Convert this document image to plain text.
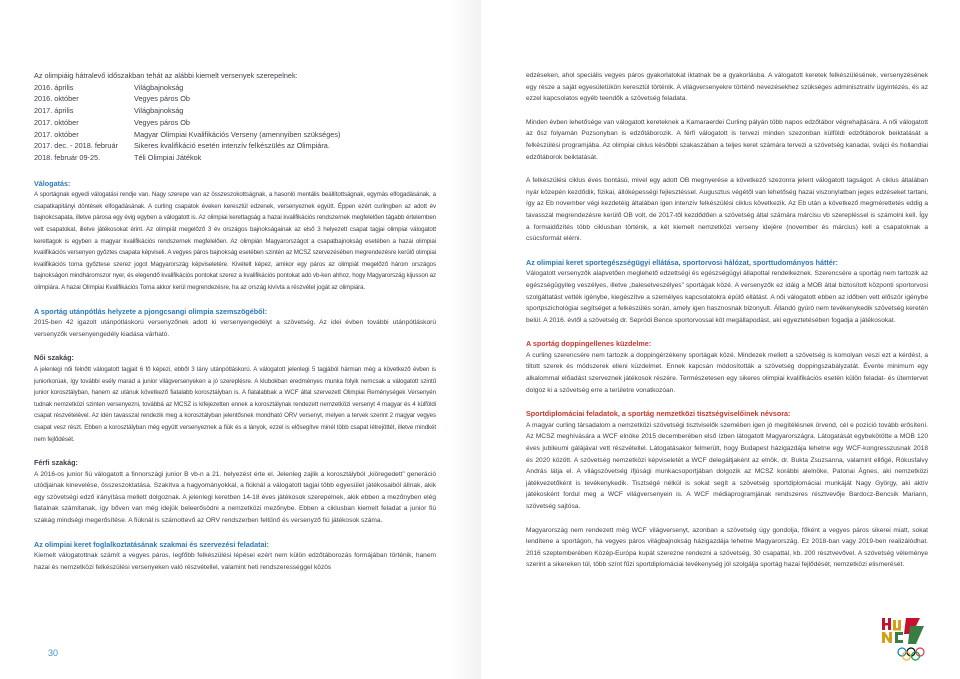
Az olimpiáig hátralevő időszakban tehát az alábbi kiemelt versenyek szerepelnek:
2016. április	Világbajnokság
2016. október	Vegyes páros Ob
2017. április	Világbajnokság
2017. október	Vegyes páros Ob
2017. október	Magyar Olimpiai Kvalifikációs Verseny (amennyiben szükséges)
2017. dec. - 2018. február	Sikeres kvalifikáció esetén intenzív felkészülés az Olimpiára.
2018. február 09-25.	Téli Olimpiai Játékok

Válogatás:

A sportágnak egyedi válogatási rendje van. Nagy szerepe van az összeszokottságnak, a hasonló mentális beállítottságnak, egymás elfogadásának, a csapatkapitányi döntések elfogadásának. A curling csapatok éveken keresztül edzenek, versenyeznek együtt. Éppen ezért curlingben az adott év bajnokcsapata, illetve párosa egy évig egyben a válogatott is. Az olimpiai kerettagság a hazai kvalifikációs rendszernek megfelelően tágabb értelemben vett csapatokat, illetve játékosokat érint. Az olimpiát megelőző 3 év országos bajnokságainak az első 3 helyezett csapat tagjai olimpiai válogatott kerettagok is egyben a magyar kvalifikációs rendszernek megfelelően. Az olimpián Magyarországot a csapatbajnokság esetében a hazai olimpiai kvalifikációs versenyen győztes csapata képviseli. A vegyes páros bajnokság esetében szintén az MCSZ szervezésében megrendezésre kerülő olimpiai kvalifikációs torna győztese szerez jogot Magyarország képviseletére. Kivételt képez, amikor egy páros az olimpiát megelőző három országos bajnokságon mindháromszor nyer, és elegendő kvalifikációs pontokat szerez a kvalifikációs pontokat adó vb-ken ahhoz, hogy Magyarország kijusson az olimpiára. A hazai Olimpiai Kvalifikációs Torna akkor kerül megrendezésre, ha az ország kivívta a részvétel jogát az olimpiára.

A sportág utánpótlás helyzete a pjongcsangi olimpia szemszögéből:

2015-ben 42 igazolt utánpótláskorú versenyzőnek adott ki versenyengedélyt a szövetség. Az idei évben további utánpótláskorú versenyzők versenyengedély kiadása várható.

Női szakág:

A jelenlegi női felnőtt válogatott tagjait 6 fő képezi, ebből 3 lány utánpótláskorú. A válogatott jelenlegi 5 tagjából hárman még a következő évben is juniorkorúak, így további esély marad a junior világversenyeken a jó szereplésre. A klubokban eredményes munka folyik nemcsak a válogatott szintű junior korosztályban, hanem az utánuk következő fiatalabb korosztályban is. A fiatalabbak a WCF által szervezett Olimpiai Reménységek Versenyén tudnak nemzetközi szinten versenyezni, továbbá az MCSZ is kifejezetten ennek a korosztálynak rendezett nemzetközi versenyt 4 magyar és 4 külföldi csapat részvételével. Az idén tavasszal rendezik meg a korosztályban jelentősnek mondható ORV versenyt, melyen a tervek szerint 2 magyar vegyes csapat vesz részt. Ebben a korosztályban még együtt versenyeznek a fiúk és a lányok, ezzel is elősegítve minél több csapat létrejöttét, illetve mindkét nem fejlődését.

Férfi szakág:

A 2016-os junior fiú válogatott a finnországi junior B vb-n a 21. helyezést érte el. Jelenleg zajlik a korosztályból „kiöregedett” generáció utódjainak kinevelése, összeszoktatása. Szakítva a hagyományokkal, a fiúknál a válogatott tagjai több egyesület játékosaiból állnak, akik egy szövetségi edző irányítása mellett dolgoznak. A jelenlegi keretben 14-18 éves játékosok szerepelnek, akik ebben a mezőnyben elég fiatalnak számítanak, így bőven van még idejük beleerősödni a nemzetközi mezőnybe. Ebben a ciklusban kiemelt feladat a junior fiú szakág mindségi megerősítése. A fiúknál is számottevő az ORV rendszerben feltűnő és versenyző fiú játékosok száma.

Az olimpiai keret foglalkoztatásának szakmai és szervezési feladatai:

Kiemelt válogatottnak számít a vegyes páros, legfőbb felkészülési lépései ezért nem külön edzőtáborozás formájában történik, hanem hazai és nemzetközi felkészülési versenyeken való részvétellel, valamint heti rendszerességgel közös

30

edzéseken, ahol speciális vegyes páros gyakorlatokat iktatnak be a gyakorlásba. A válogatott keretek felkészülésének, versenyzésének egy része a saját egyesületükön keresztül történik. A világversenyekre történő nevezésekhez szükséges adminisztratív ügyintézés, és az ezzel kapcsolatos egyéb teendők a szövetség feladata.

Minden évben lehetősége van válogatott kereteknek a Kamaraerdei Curling pályán több napos edzőtábor végrehajtására. A női válogatott az ősz folyamán Pozsonyban is edzőtáborozik. A férfi válogatott is tervezi minden szezonban külföldi edzőtáborok beiktatását a felkészülési programjába. Az olimpiai ciklus későbbi szakaszában a teljes keret számára tervezi a szövetség kanadai, svájci és hollandiai edzőtáborok beiktatását.

A felkészülési ciklus éves bontású, mivel egy adott OB megnyerése a következő szezonra jelent válogatott tagságot. A ciklus általában nyár közepén kezdődik, fizikai, állóképességi fejlesztéssel. Augusztus végétől van lehetőség hazai viszonylatban jeges edzéseket tartani, így az Eb november végi kezdetéig általában igen intenzív felkészülési ciklus következik. Az Eb után a következő megmérettetés eddig a tavasszal megrendezésre kerülő OB volt, de 2017-től kezdődően a szövetség által számára márcisu vb szerepléssel is számolni kell. Így a formaidőzítés több ciklusban történik, a két kiemelt nemzetközi verseny idejére (november és március) kell a csapatoknak a csúcsformát elérni.

Az olimpiai keret sportegészségügyi ellátása, sportorvosi hálózat, sporttudományos háttér:

Válogatott versenyzők alapvetően meglehető edzettségi és egészségügyi állapottal rendelkeznek. Szerencsére a sportág nem tartozik az egészségügyileg veszélyes, illetve „balesetveszélyes” sportágak közé. A versenyzők ez idáig a MOB által biztosított központi sportorvosi szolgáltatást vették igénybe, kiegészítve a személyes kapcsolatokra épülő ellátást. A női válogatott ebben az időben vett először igénybe sportpszichológiai segítséget a felkészülés során, amely igen hasznosnak bizonyult. Állandó gyúró nem tevékenykedik szövetség keretén belül. A 2016. évtől a szövetség dr. Sepródi Bence sportorvossal köt megállapodást, aki egyeztetésében fogadja a játékosokat.

A sportág doppingellenes küzdelme:

A curling szerencsére nem tartozik a doppingérzékeny sportágak közé. Mindezek mellett a szövetség is komolyan veszi ezt a kérdést, a tiltott szerek és módszerek elleni küzdelmet. Ennek kapcsán módosították a szövetség doppingszabályzatát. Évente minimum egy alkalommal előadást szerveznek játékosok részére. Természetesen egy sikeres olimpiai kvalifikációs esetén külön feladat- és ütemtervet dolgoz ki a szövetség erre a területre vonatkozóan.

Sportdiplomáciai feladatok, a sportág nemzetközi tisztségviselőinek névsora:

A magyar curling társadalom a nemzetközi szövetségi tisztviselők szemében igen jó megítélésnek örvend, cél e pozíció tovább erősítení. Az MCSZ meghívására a WCF elnöke 2015 decemberében első ízben látogatott Magyarországra. Látogatását egybekötötte a MOB 120 éves jubileumi gálájával vett részvétellel. Látogatásakor felmerült, hogy Budapest házigazdája lehetne egy WCF-kongresszusnak 2018 és 2020 között. A szövetség nemzetközi képviseletét a WCF delegáltjaként az elnök, dr. Bukta Zsuzsanna, valamint ellőgé, Rókusfalvy András látja el. A világszövetség ifjúsági munkacsoportjában dolgozik az MCSZ korábbi alelnöke, Patonai Ágnes, aki nemzetközi játékvezetőként is tevékenykedik. Tisztségé nélkül is sokat segít a szövetség sportdiplomáciai munkáját Nagy György, aki aktív játékosként fordul meg a WCF világversenyein is. A WCF médiaprogramjának rendszeres résztvevője Bardocz-Bencsik Mariann, szövetség sajtósa.

Magyarország nem rendezett még WCF világversenyt, azonban a szövetség úgy gondolja, főként a vegyes páros sikerei miatt, sokat lendítene a sportágon, ha vegyes páros világbajnokság házigazdája lehetne Magyarország. Ez 2018-ban vagy 2019-ben realizálódhat. 2016 szeptemberében Közép-Európa kupát szerezne rendezni a szövetség, 30 csapattal, kb. 200 résztvevővel. A szövetség véleménye szerint a sikereken túl, több színt fűzi sportdiplomáciai tevékenység jól szolgálja sportág hazai fejlődését, nemzetközi elismerését.
